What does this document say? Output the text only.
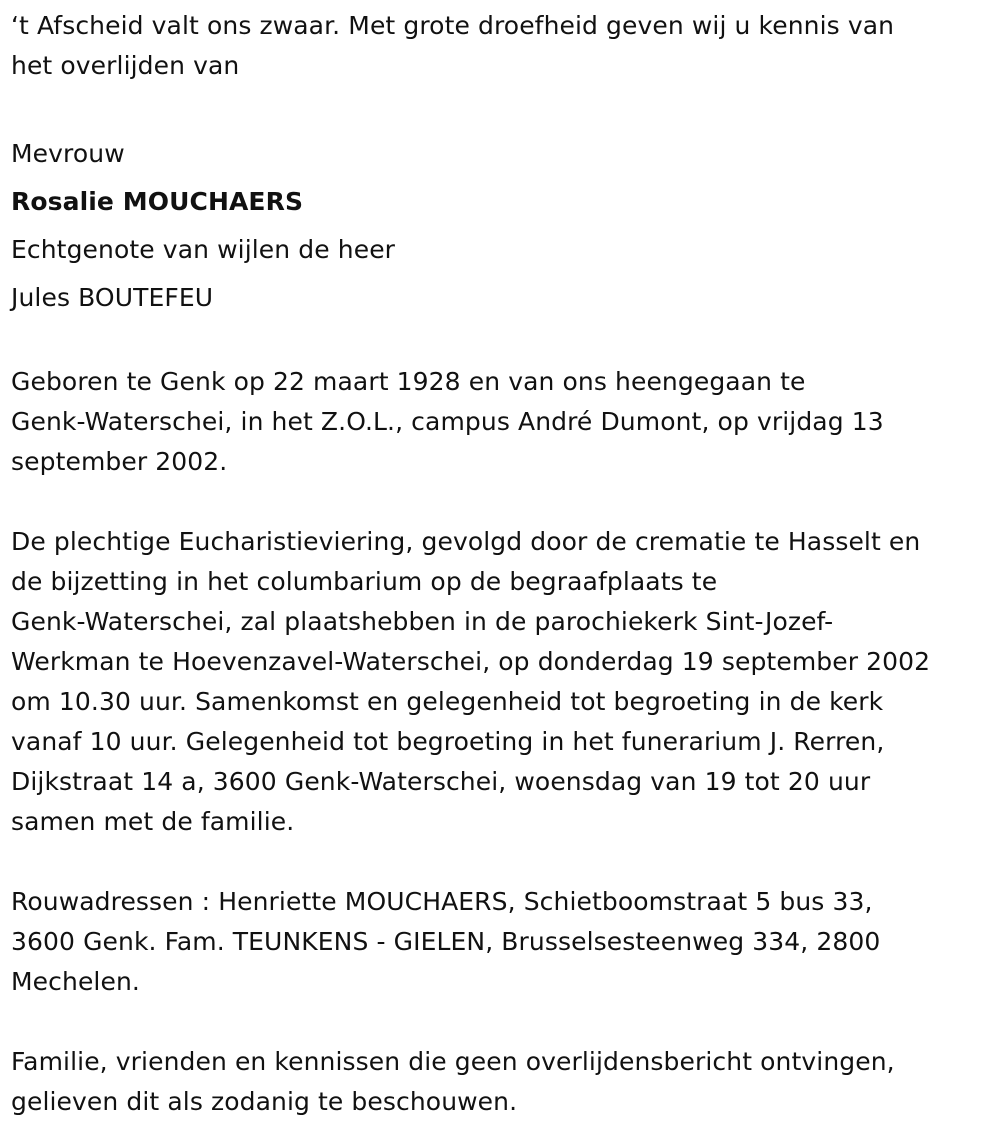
‘t Afscheid valt ons zwaar. Met grote droefheid geven wij u kennis van
het overlijden van
Mevrouw
Rosalie MOUCHAERS
Echtgenote van wijlen de heer
Jules BOUTEFEU
Geboren te Genk op 22 maart 1928 en van ons heengegaan te
Genk-Waterschei, in het Z.O.L., campus André Dumont, op vrijdag 13
september 2002.
De plechtige Eucharistieviering, gevolgd door de crematie te Hasselt en
de bijzetting in het columbarium op de begraafplaats te
Genk-Waterschei, zal plaatshebben in de parochiekerk Sint-Jozef-
Werkman te Hoevenzavel-Waterschei, op donderdag 19 september 2002
om 10.30 uur. Samenkomst en gelegenheid tot begroeting in de kerk
vanaf 10 uur. Gelegenheid tot begroeting in het funerarium J. Rerren,
Dijkstraat 14 a, 3600 Genk-Waterschei, woensdag van 19 tot 20 uur
samen met de familie.
Rouwadressen : Henriette MOUCHAERS, Schietboomstraat 5 bus 33,
3600 Genk. Fam. TEUNKENS - GIELEN, Brusselsesteenweg 334, 2800
Mechelen.
Familie, vrienden en kennissen die geen overlijdensbericht ontvingen,
gelieven dit als zodanig te beschouwen.
